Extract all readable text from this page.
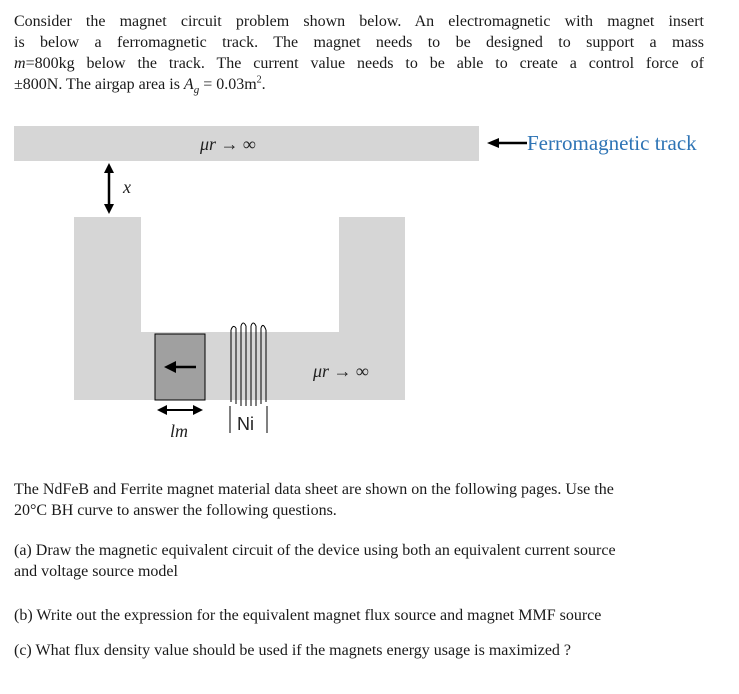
Consider the magnet circuit problem shown below. An electromagnetic with magnet insert
is below a ferromagnetic track. The magnet needs to be designed to support a mass
m=800kg below the track. The current value needs to be able to create a control force of
±800N. The airgap area is $A_g = 0.03m^2$.
μr → ∞	Ferromagnetic track
x
lm	Ni
μr → ∞
The NdFeB and Ferrite magnet material data sheet are shown on the following pages. Use the
20°C BH curve to answer the following questions.
(a) Draw the magnetic equivalent circuit of the device using both an equivalent current source
and voltage source model
(b) Write out the expression for the equivalent magnet flux source and magnet MMF source
(c) What flux density value should be used if the magnets energy usage is maximized ?
